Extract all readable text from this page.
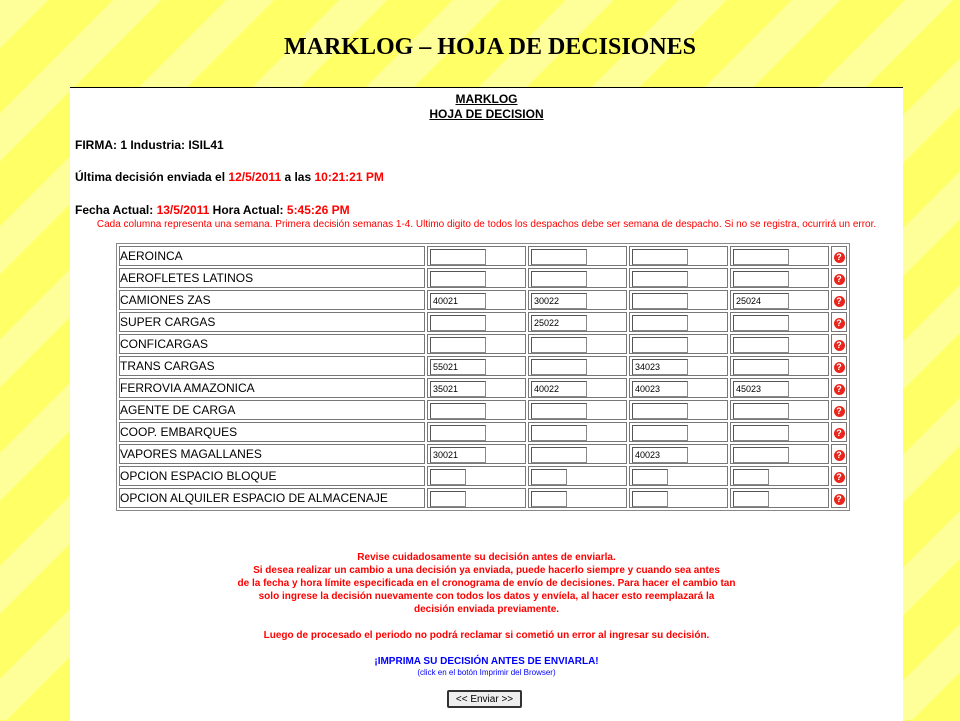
MARKLOG – HOJA DE DECISIONES
MARKLOG
HOJA DE DECISION
FIRMA: 1 Industria: ISIL41
Última decisión enviada el 12/5/2011 a las 10:21:21 PM
Fecha Actual: 13/5/2011 Hora Actual: 5:45:26 PM
Cada columna representa una semana. Primera decisión semanas 1-4. Ultimo digito de todos los despachos debe ser semana de despacho. Si no se registra, ocurrirá un error.
AEROINCA					?
AEROFLETES LATINOS					?
CAMIONES ZAS	40021	30022		25024	?
SUPER CARGAS		25022			?
CONFICARGAS					?
TRANS CARGAS	55021		34023		?
FERROVIA AMAZONICA	35021	40022	40023	45023	?
AGENTE DE CARGA					?
COOP. EMBARQUES					?
VAPORES MAGALLANES	30021		40023		?
OPCION ESPACIO BLOQUE					?
OPCION ALQUILER ESPACIO DE ALMACENAJE					?
Revise cuidadosamente su decisión antes de enviarla.
Si desea realizar un cambio a una decisión ya enviada, puede hacerlo siempre y cuando sea antes
de la fecha y hora límite especificada en el cronograma de envío de decisiones. Para hacer el cambio tan
solo ingrese la decisión nuevamente con todos los datos y envíela, al hacer esto reemplazará la
decisión enviada previamente.
Luego de procesado el periodo no podrá reclamar si cometió un error al ingresar su decisión.
¡IMPRIMA SU DECISIÓN ANTES DE ENVIARLA!
(click en el botón Imprimir del Browser)
<< Enviar >>
